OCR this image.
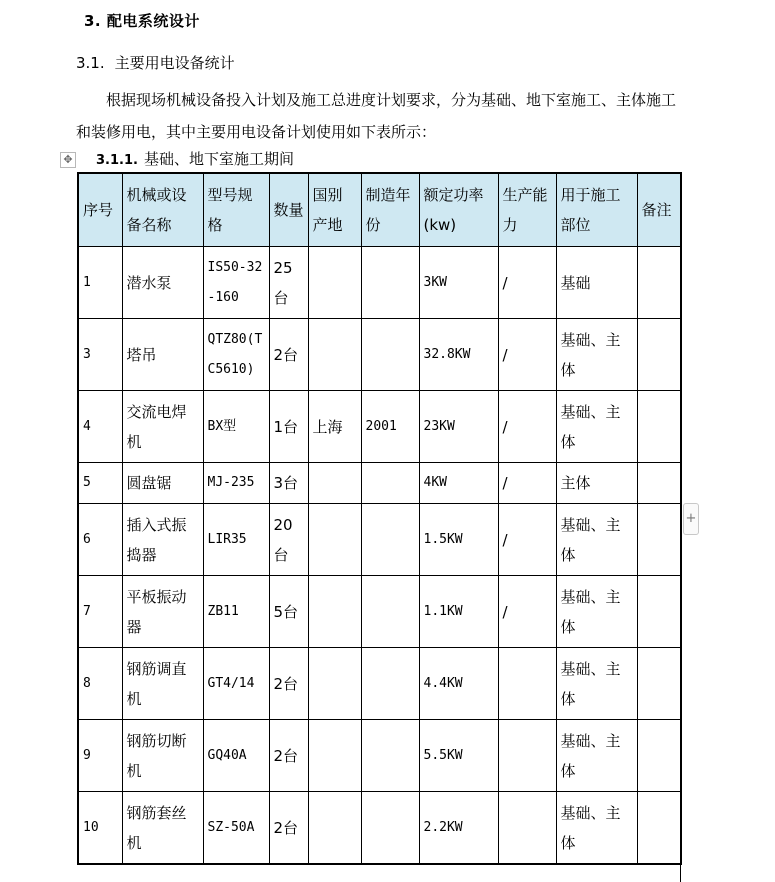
3. 配电系统设计
3.1. 主要用电设备统计
根据现场机械设备投入计划及施工总进度计划要求，分为基础、地下室施工、主体施工和装修用电，其中主要用电设备计划使用如下表所示：
✥ 3.1.1. 基础、地下室施工期间
序号	机械或设备名称	型号规格	数量	国别产地	制造年份	额定功率(kw)	生产能力	用于施工部位	备注
1	潜水泵	IS50-32-160	25台			3KW	/	基础	
3	塔吊	QTZ80(TC5610)	2台			32.8KW	/	基础、主体	
4	交流电焊机	BX型	1台	上海	2001	23KW	/	基础、主体	
5	圆盘锯	MJ-235	3台			4KW	/	主体	
6	插入式振捣器	LIR35	20台			1.5KW	/	基础、主体	
7	平板振动器	ZB11	5台			1.1KW	/	基础、主体	
8	钢筋调直机	GT4/14	2台			4.4KW		基础、主体	
9	钢筋切断机	GQ40A	2台			5.5KW		基础、主体	
10	钢筋套丝机	SZ-50A	2台			2.2KW		基础、主体	
+
